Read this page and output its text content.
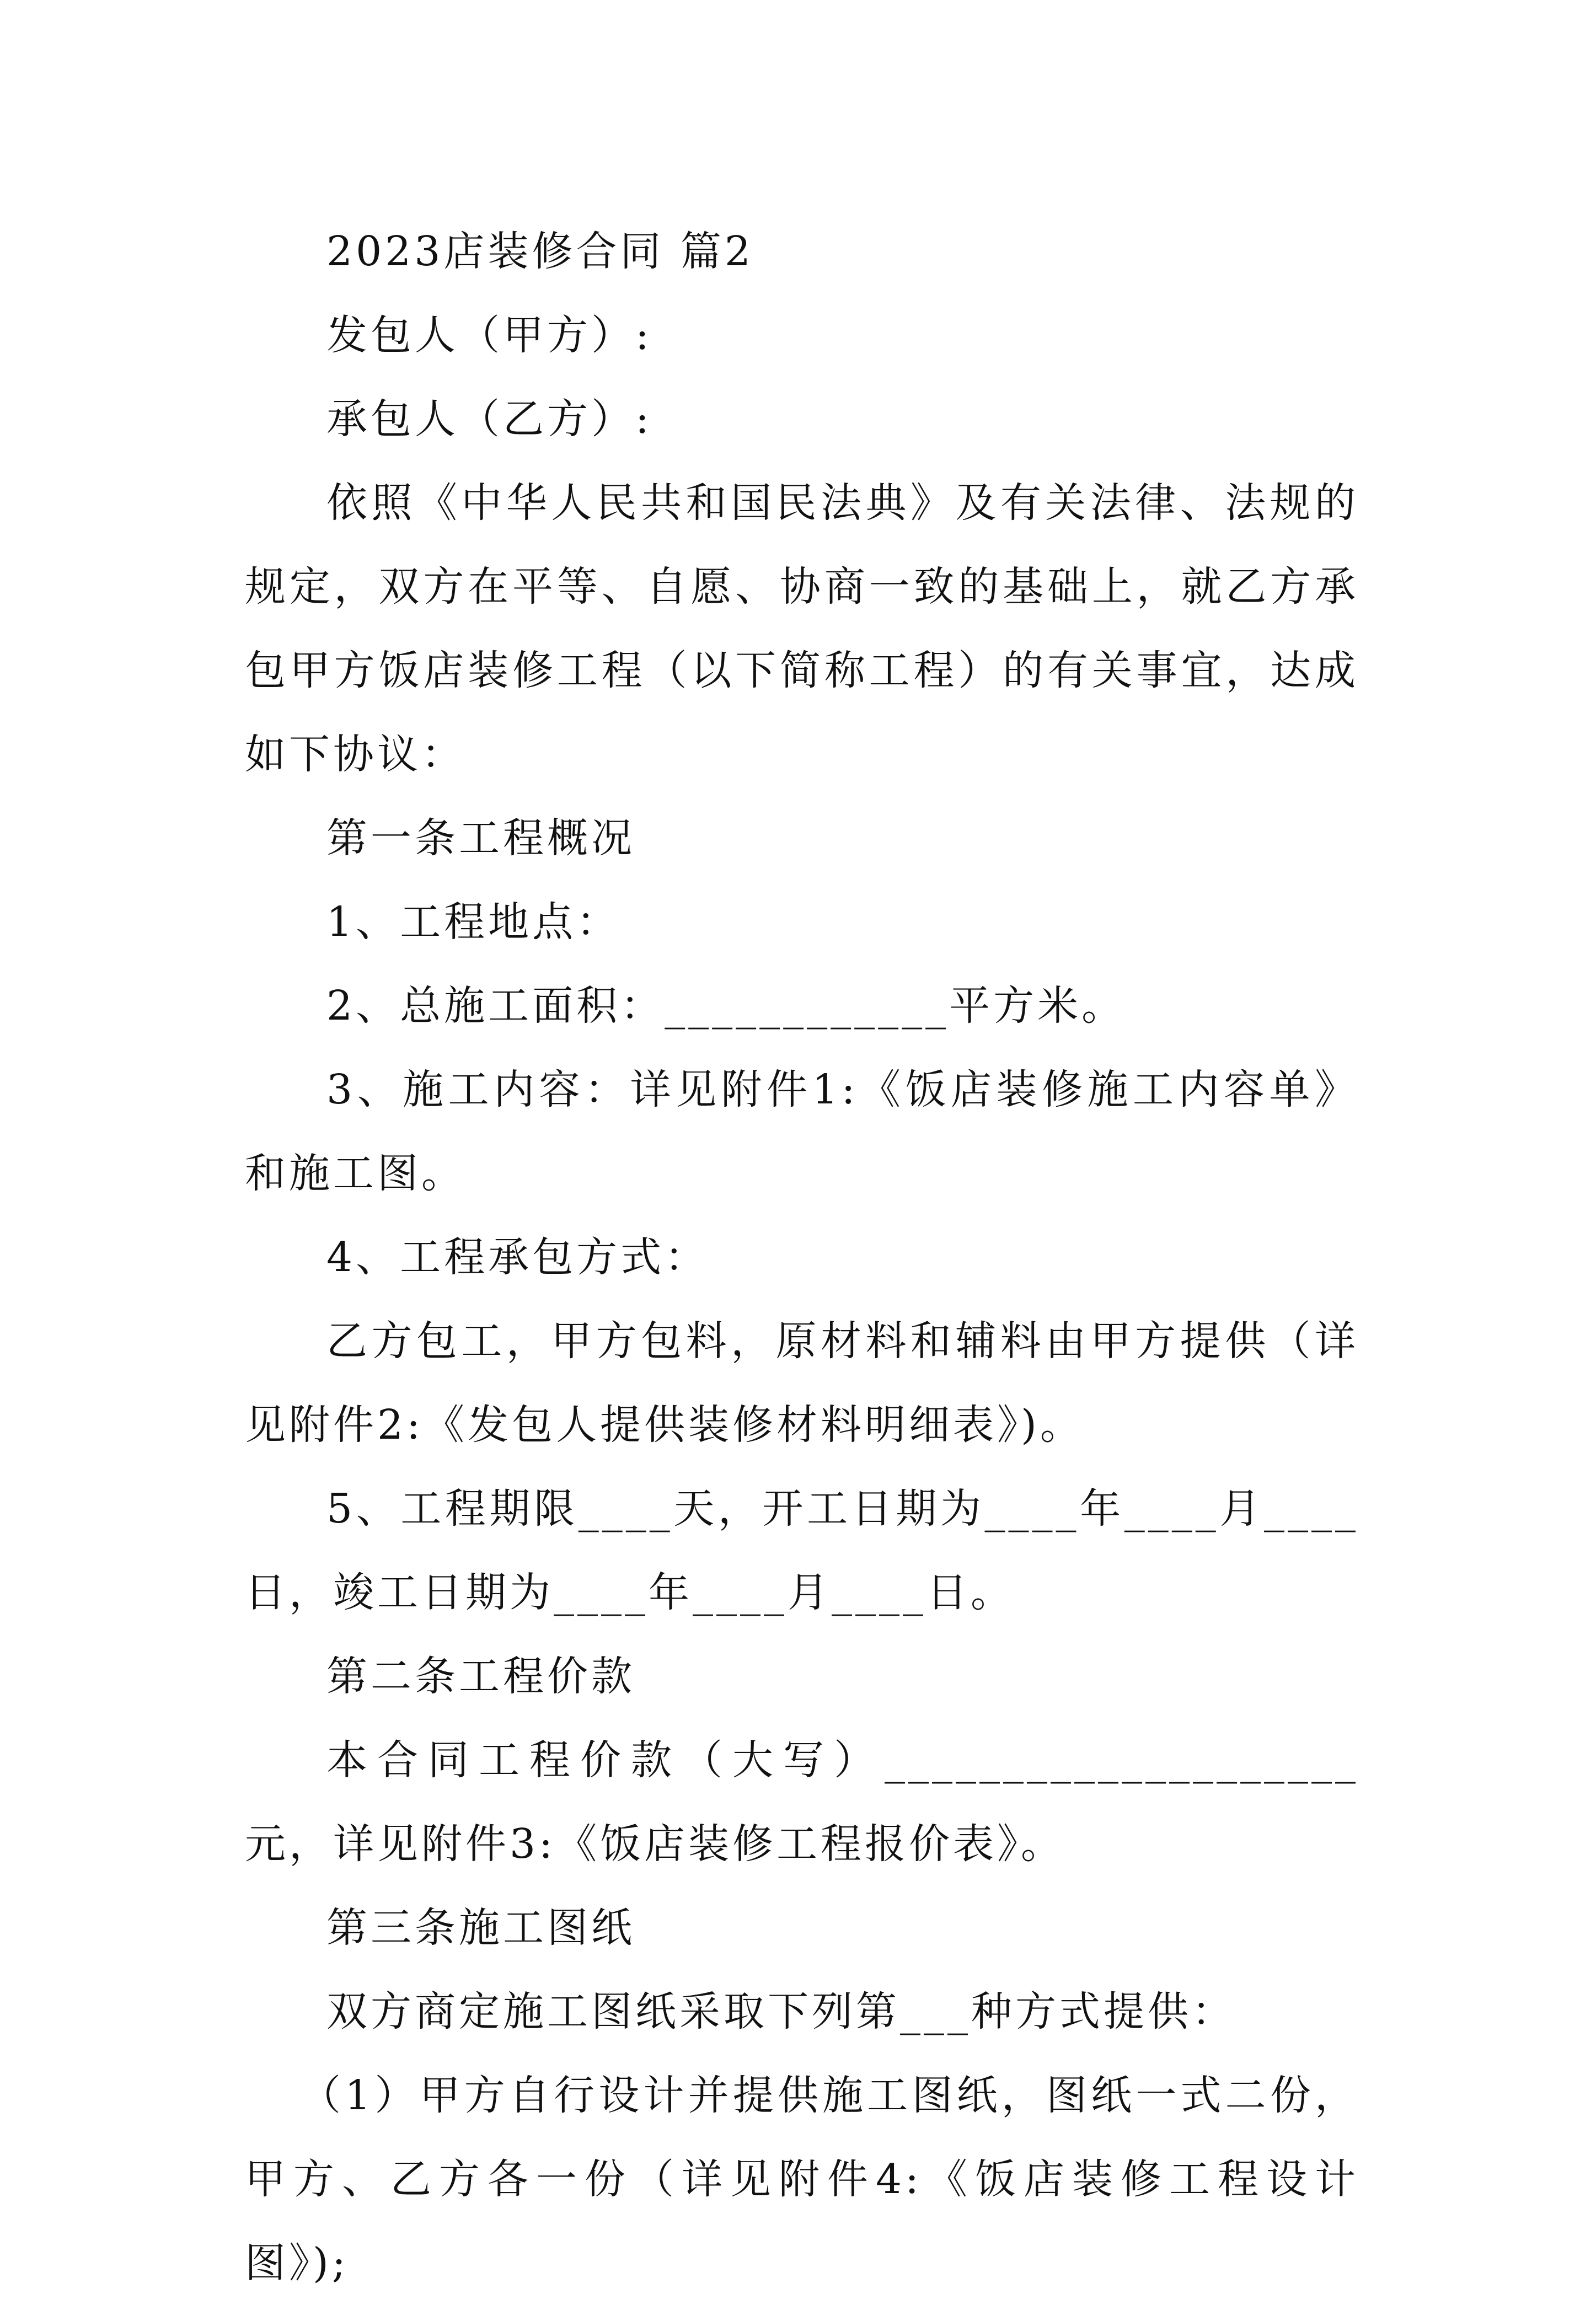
2023店装修合同 篇2

发包人（甲方）:

承包人（乙方）:

依照《中华人民共和国民法典》及有关法律、法规的规定，双方在平等、自愿、协商一致的基础上，就乙方承包甲方饭店装修工程（以下简称工程）的有关事宜，达成如下协议：

第一条工程概况

1、工程地点：

2、总施工面积：____________平方米。

3、施工内容：详见附件1:《饭店装修施工内容单》和施工图。

4、工程承包方式：

乙方包工，甲方包料，原材料和辅料由甲方提供（详见附件2:《发包人提供装修材料明细表》)。

5、工程期限____天，开工日期为____年____月____日，竣工日期为____年____月____日。

第二条工程价款

本合同工程价款（大写）____________________元，详见附件3:《饭店装修工程报价表》。

第三条施工图纸

双方商定施工图纸采取下列第___种方式提供：

（1）甲方自行设计并提供施工图纸，图纸一式二份，甲方、乙方各一份（详见附件4:《饭店装修工程设计图》);
